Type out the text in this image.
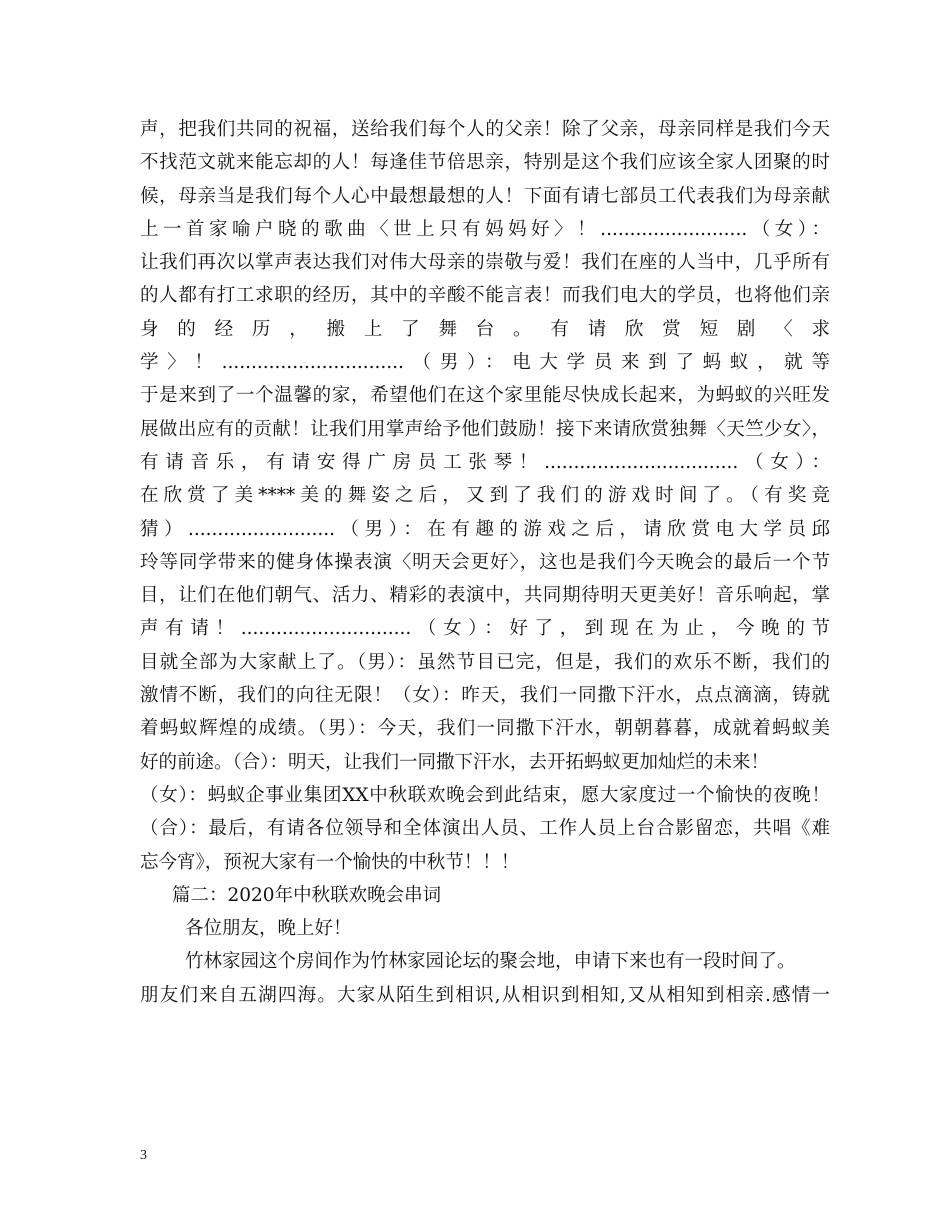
声，把我们共同的祝福，送给我们每个人的父亲！除了父亲，母亲同样是我们今天
不找范文就来能忘却的人！每逢佳节倍思亲，特别是这个我们应该全家人团聚的时
候，母亲当是我们每个人心中最想最想的人！下面有请七部员工代表我们为母亲献
上一首家喻户晓的歌曲〈世上只有妈妈好〉！.........................（女）：
让我们再次以掌声表达我们对伟大母亲的崇敬与爱！我们在座的人当中，几乎所有
的人都有打工求职的经历，其中的辛酸不能言表！而我们电大的学员，也将他们亲
身 的 经 历 ， 搬 上 了 舞 台 。 有 请 欣 赏 短 剧 〈 求
学〉！...............................（男）：电大学员来到了蚂蚁，就等
于是来到了一个温馨的家，希望他们在这个家里能尽快成长起来，为蚂蚁的兴旺发
展做出应有的贡献！让我们用掌声给予他们鼓励！接下来请欣赏独舞〈天竺少女〉，
有请音乐，有请安得广房员工张琴！.................................（女）：
在欣赏了美****美的舞姿之后，又到了我们的游戏时间了。（有奖竞
猜）.........................（男）：在有趣的游戏之后，请欣赏电大学员邱
玲等同学带来的健身体操表演〈明天会更好〉，这也是我们今天晚会的最后一个节
目，让们在他们朝气、活力、精彩的表演中，共同期待明天更美好！音乐响起，掌
声有请！.............................（女）：好了，到现在为止，今晚的节
目就全部为大家献上了。（男）：虽然节目已完，但是，我们的欢乐不断，我们的
激情不断，我们的向往无限！（女）：昨天，我们一同撒下汗水，点点滴滴，铸就
着蚂蚁辉煌的成绩。（男）：今天，我们一同撒下汗水，朝朝暮暮，成就着蚂蚁美
好的前途。（合）：明天，让我们一同撒下汗水，去开拓蚂蚁更加灿烂的未来！
（女）：蚂蚁企事业集团XX中秋联欢晚会到此结束，愿大家度过一个愉快的夜晚！
（合）：最后，有请各位领导和全体演出人员、工作人员上台合影留恋，共唱《难
忘今宵》，预祝大家有一个愉快的中秋节！！！
篇二：2020年中秋联欢晚会串词
各位朋友，晚上好！
竹林家园这个房间作为竹林家园论坛的聚会地，申请下来也有一段时间了。
朋友们来自五湖四海。大家从陌生到相识,从相识到相知,又从相知到相亲.感情一
3
